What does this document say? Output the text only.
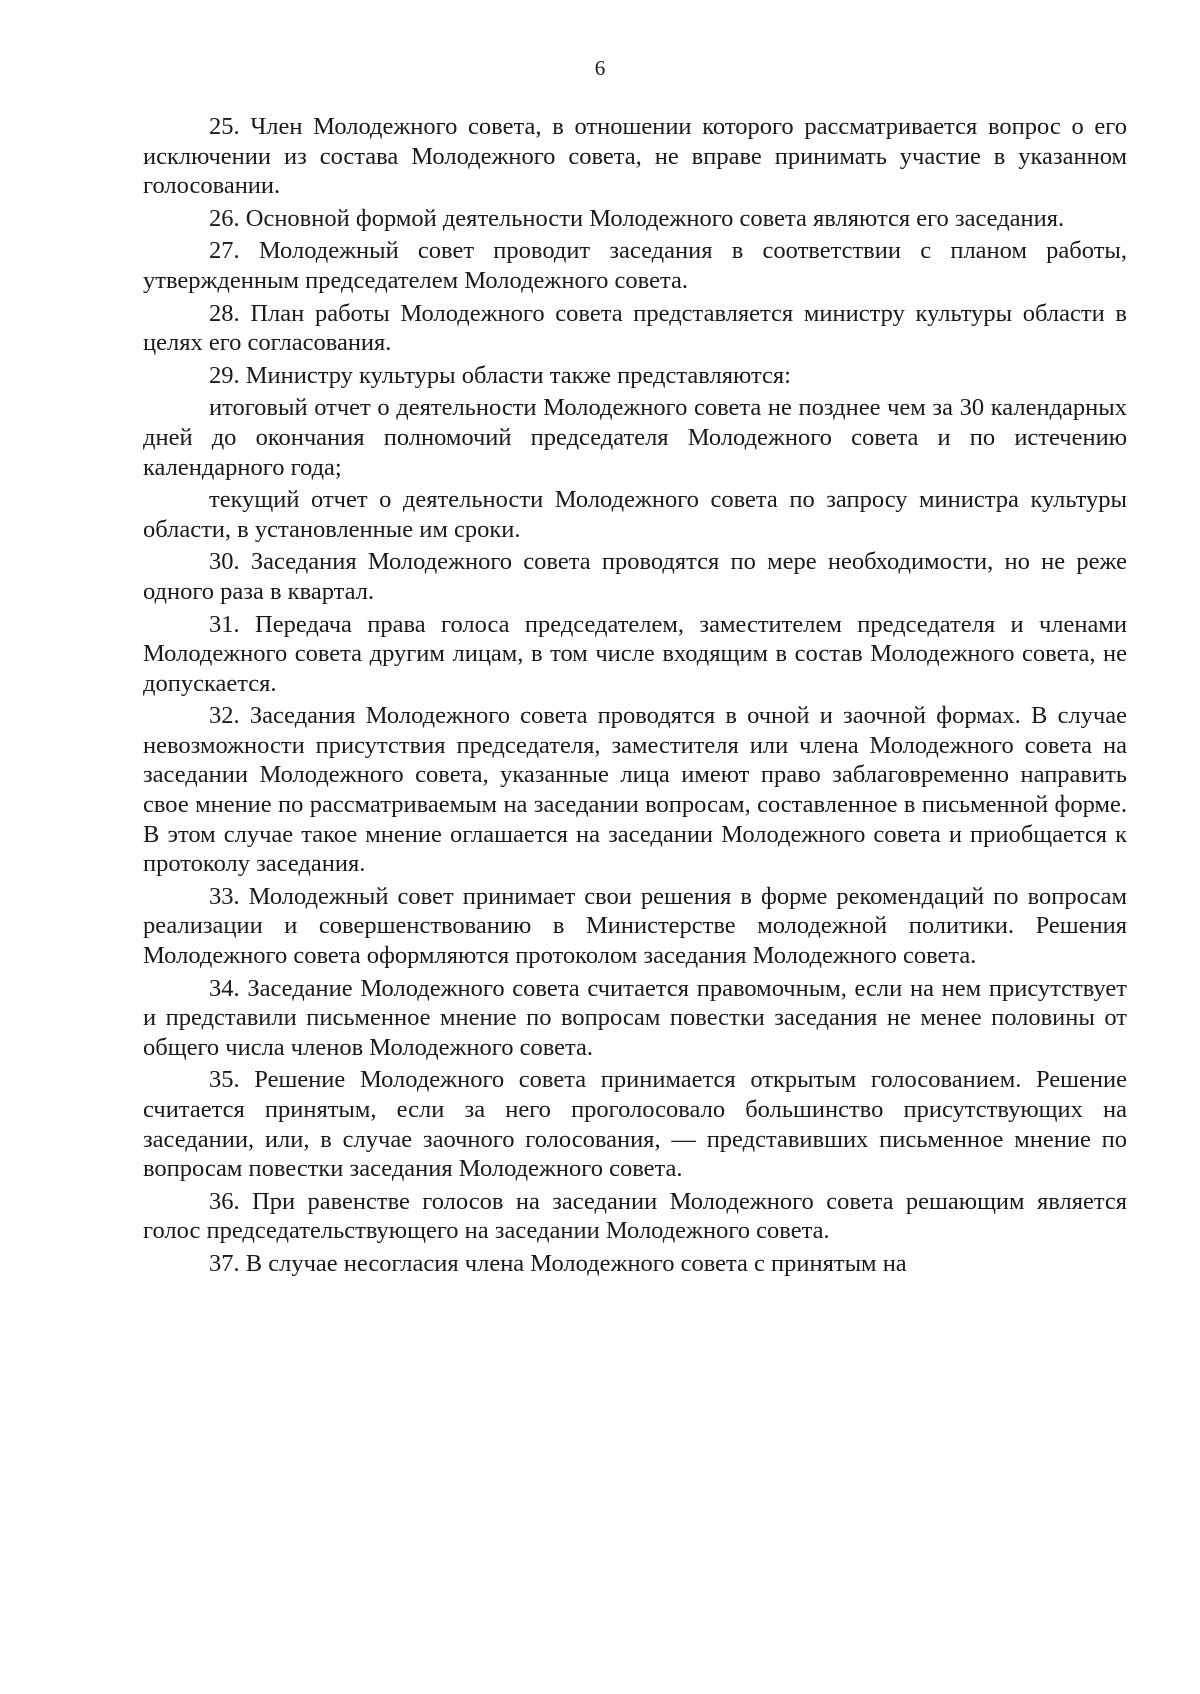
6

25. Член Молодежного совета, в отношении которого рассматривается вопрос о его исключении из состава Молодежного совета, не вправе принимать участие в указанном голосовании.

26. Основной формой деятельности Молодежного совета являются его заседания.

27. Молодежный совет проводит заседания в соответствии с планом работы, утвержденным председателем Молодежного совета.

28. План работы Молодежного совета представляется министру культуры области в целях его согласования.

29. Министру культуры области также представляются:

итоговый отчет о деятельности Молодежного совета не позднее чем за 30 календарных дней до окончания полномочий председателя Молодежного совета и по истечению календарного года;

текущий отчет о деятельности Молодежного совета по запросу министра культуры области, в установленные им сроки.

30. Заседания Молодежного совета проводятся по мере необходимости, но не реже одного раза в квартал.

31. Передача права голоса председателем, заместителем председателя и членами Молодежного совета другим лицам, в том числе входящим в состав Молодежного совета, не допускается.

32. Заседания Молодежного совета проводятся в очной и заочной формах. В случае невозможности присутствия председателя, заместителя или члена Молодежного совета на заседании Молодежного совета, указанные лица имеют право заблаговременно направить свое мнение по рассматриваемым на заседании вопросам, составленное в письменной форме. В этом случае такое мнение оглашается на заседании Молодежного совета и приобщается к протоколу заседания.

33. Молодежный совет принимает свои решения в форме рекомендаций по вопросам реализации и совершенствованию в Министерстве молодежной политики. Решения Молодежного совета оформляются протоколом заседания Молодежного совета.

34. Заседание Молодежного совета считается правомочным, если на нем присутствует и представили письменное мнение по вопросам повестки заседания не менее половины от общего числа членов Молодежного совета.

35. Решение Молодежного совета принимается открытым голосованием. Решение считается принятым, если за него проголосовало большинство присутствующих на заседании, или, в случае заочного голосования, — представивших письменное мнение по вопросам повестки заседания Молодежного совета.

36. При равенстве голосов на заседании Молодежного совета решающим является голос председательствующего на заседании Молодежного совета.

37. В случае несогласия члена Молодежного совета с принятым на
